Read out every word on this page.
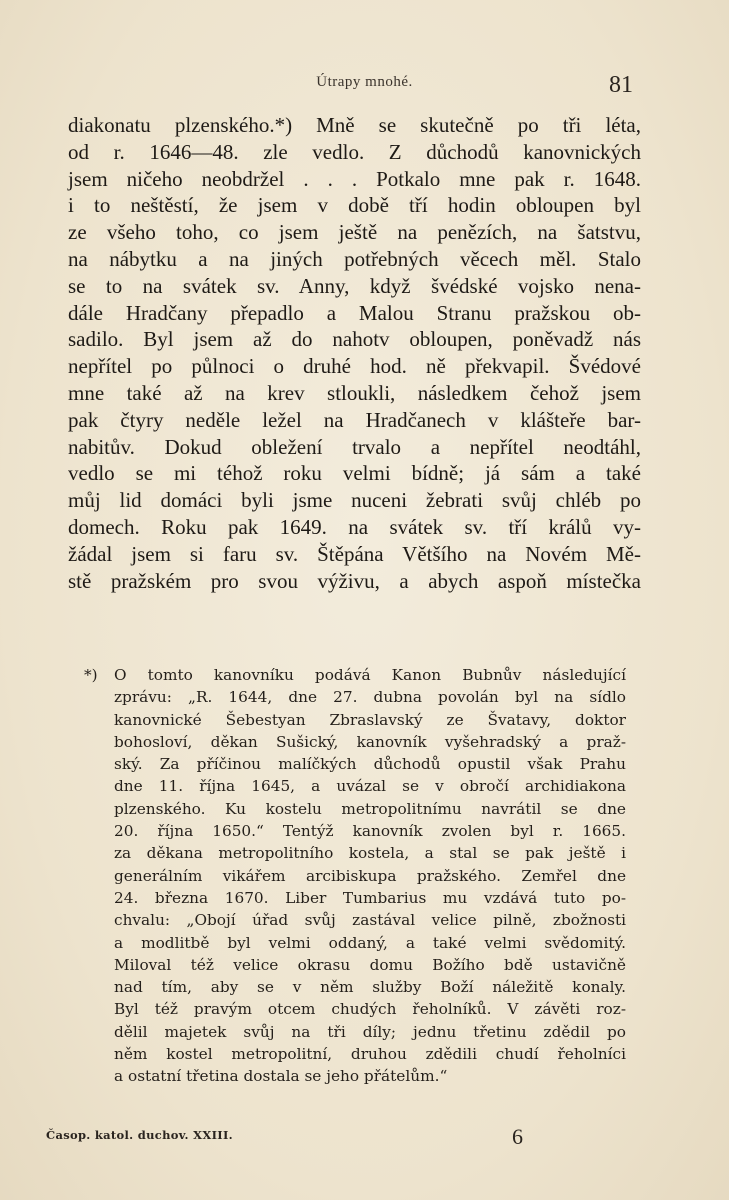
Útrapy mnohé.	81
diakonatu plzenského.*) Mně se skutečně po tři léta,
od r. 1646—48. zle vedlo. Z důchodů kanovnických
jsem ničeho neobdržel . . . Potkalo mne pak r. 1648.
i to neštěstí, že jsem v době tří hodin obloupen byl
ze všeho toho, co jsem ještě na penězích, na šatstvu,
na nábytku a na jiných potřebných věcech měl. Stalo
se to na svátek sv. Anny, když švédské vojsko nena-
dále Hradčany přepadlo a Malou Stranu pražskou ob-
sadilo. Byl jsem až do nahotv obloupen, poněvadž nás
nepřítel po půlnoci o druhé hod. ně překvapil. Švédové
mne také až na krev stloukli, následkem čehož jsem
pak čtyry neděle ležel na Hradčanech v klášteře bar-
nabitův. Dokud obležení trvalo a nepřítel neodtáhl,
vedlo se mi téhož roku velmi bídně; já sám a také
můj lid domáci byli jsme nuceni žebrati svůj chléb po
domech. Roku pak 1649. na svátek sv. tří králů vy-
žádal jsem si faru sv. Štěpána Většího na Novém Mě-
stě pražském pro svou výživu, a abych aspoň místečka
*) O tomto kanovníku podává Kanon Bubnův následující
zprávu: „R. 1644, dne 27. dubna povolán byl na sídlo
kanovnické Šebestyan Zbraslavský ze Švatavy, doktor
bohosloví, děkan Sušický, kanovník vyšehradský a praž-
ský. Za příčinou malíčkých důchodů opustil však Prahu
dne 11. října 1645, a uvázal se v obročí archidiakona
plzenského. Ku kostelu metropolitnímu navrátil se dne
20. října 1650.“ Tentýž kanovník zvolen byl r. 1665.
za děkana metropolitního kostela, a stal se pak ještě i
generálním vikářem arcibiskupa pražského. Zemřel dne
24. března 1670. Liber Tumbarius mu vzdává tuto po-
chvalu: „Obojí úřad svůj zastával velice pilně, zbožnosti
a modlitbě byl velmi oddaný, a také velmi svědomitý.
Miloval též velice okrasu domu Božího bdě ustavičně
nad tím, aby se v něm služby Boží náležitě konaly.
Byl též pravým otcem chudých řeholníků. V závěti roz-
dělil majetek svůj na tři díly; jednu třetinu zdědil po
něm kostel metropolitní, druhou zdědili chudí řeholníci
a ostatní třetina dostala se jeho přátelům.“
Časop. katol. duchov. XXIII.	6
